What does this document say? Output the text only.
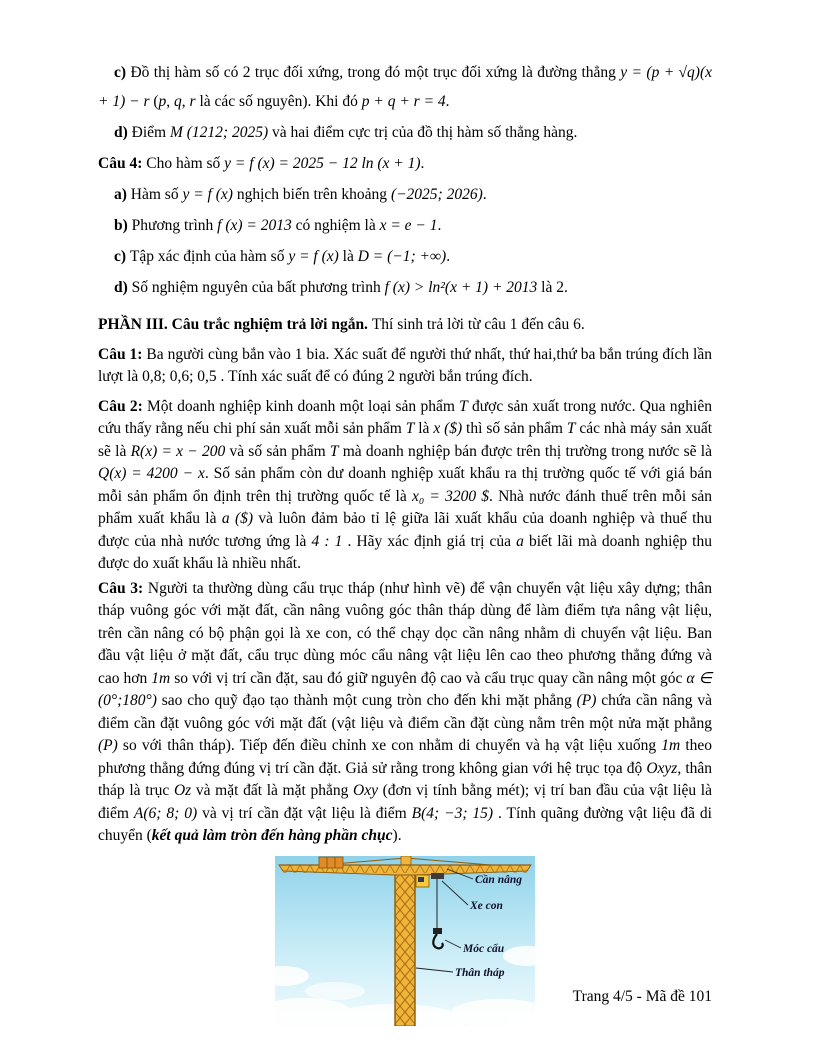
c) Đồ thị hàm số có 2 trục đối xứng, trong đó một trục đối xứng là đường thẳng y = (p + √q)(x + 1) − r (p, q, r là các số nguyên). Khi đó p + q + r = 4.

d) Điểm M (1212; 2025) và hai điểm cực trị của đồ thị hàm số thẳng hàng.

Câu 4: Cho hàm số y = f (x) = 2025 − 12 ln (x + 1).

a) Hàm số y = f (x) nghịch biến trên khoảng (−2025; 2026).

b) Phương trình f (x) = 2013 có nghiệm là x = e − 1.

c) Tập xác định của hàm số y = f (x) là D = (−1; +∞).

d) Số nghiệm nguyên của bất phương trình f (x) > ln²(x + 1) + 2013 là 2.

PHẦN III. Câu trắc nghiệm trả lời ngắn. Thí sinh trả lời từ câu 1 đến câu 6.

Câu 1: Ba người cùng bắn vào 1 bia. Xác suất để người thứ nhất, thứ hai,thứ ba bắn trúng đích lần lượt là 0,8; 0,6; 0,5 . Tính xác suất để có đúng 2 người bắn trúng đích.

Câu 2: Một doanh nghiệp kinh doanh một loại sản phẩm T được sản xuất trong nước. Qua nghiên cứu thấy rằng nếu chi phí sản xuất mỗi sản phẩm T là x ($) thì số sản phẩm T các nhà máy sản xuất sẽ là R(x) = x − 200 và số sản phẩm T mà doanh nghiệp bán được trên thị trường trong nước sẽ là Q(x) = 4200 − x. Số sản phẩm còn dư doanh nghiệp xuất khẩu ra thị trường quốc tế với giá bán mỗi sản phẩm ổn định trên thị trường quốc tế là x₀ = 3200 $. Nhà nước đánh thuế trên mỗi sản phẩm xuất khẩu là a ($) và luôn đảm bảo tỉ lệ giữa lãi xuất khẩu của doanh nghiệp và thuế thu được của nhà nước tương ứng là 4 : 1 . Hãy xác định giá trị của a biết lãi mà doanh nghiệp thu được do xuất khẩu là nhiều nhất.

Câu 3: Người ta thường dùng cẩu trục tháp (như hình vẽ) để vận chuyển vật liệu xây dựng; thân tháp vuông góc với mặt đất, cần nâng vuông góc thân tháp dùng để làm điểm tựa nâng vật liệu, trên cần nâng có bộ phận gọi là xe con, có thể chạy dọc cần nâng nhằm di chuyển vật liệu. Ban đầu vật liệu ở mặt đất, cẩu trục dùng móc cẩu nâng vật liệu lên cao theo phương thẳng đứng và cao hơn 1m so với vị trí cần đặt, sau đó giữ nguyên độ cao và cẩu trục quay cần nâng một góc α ∈ (0°;180°) sao cho quỹ đạo tạo thành một cung tròn cho đến khi mặt phẳng (P) chứa cần nâng và điểm cần đặt vuông góc với mặt đất (vật liệu và điểm cần đặt cùng nằm trên một nửa mặt phẳng (P) so với thân tháp). Tiếp đến điều chỉnh xe con nhằm di chuyển và hạ vật liệu xuống 1m theo phương thẳng đứng đúng vị trí cần đặt. Giả sử rằng trong không gian với hệ trục tọa độ Oxyz, thân tháp là trục Oz và mặt đất là mặt phẳng Oxy (đơn vị tính bằng mét); vị trí ban đầu của vật liệu là điểm A(6; 8; 0) và vị trí cần đặt vật liệu là điểm B(4; −3; 15) . Tính quãng đường vật liệu đã di chuyển (kết quả làm tròn đến hàng phần chục).

Cần nâng
Xe con
Móc cẩu
Thân tháp
Trang 4/5 - Mã đề 101
